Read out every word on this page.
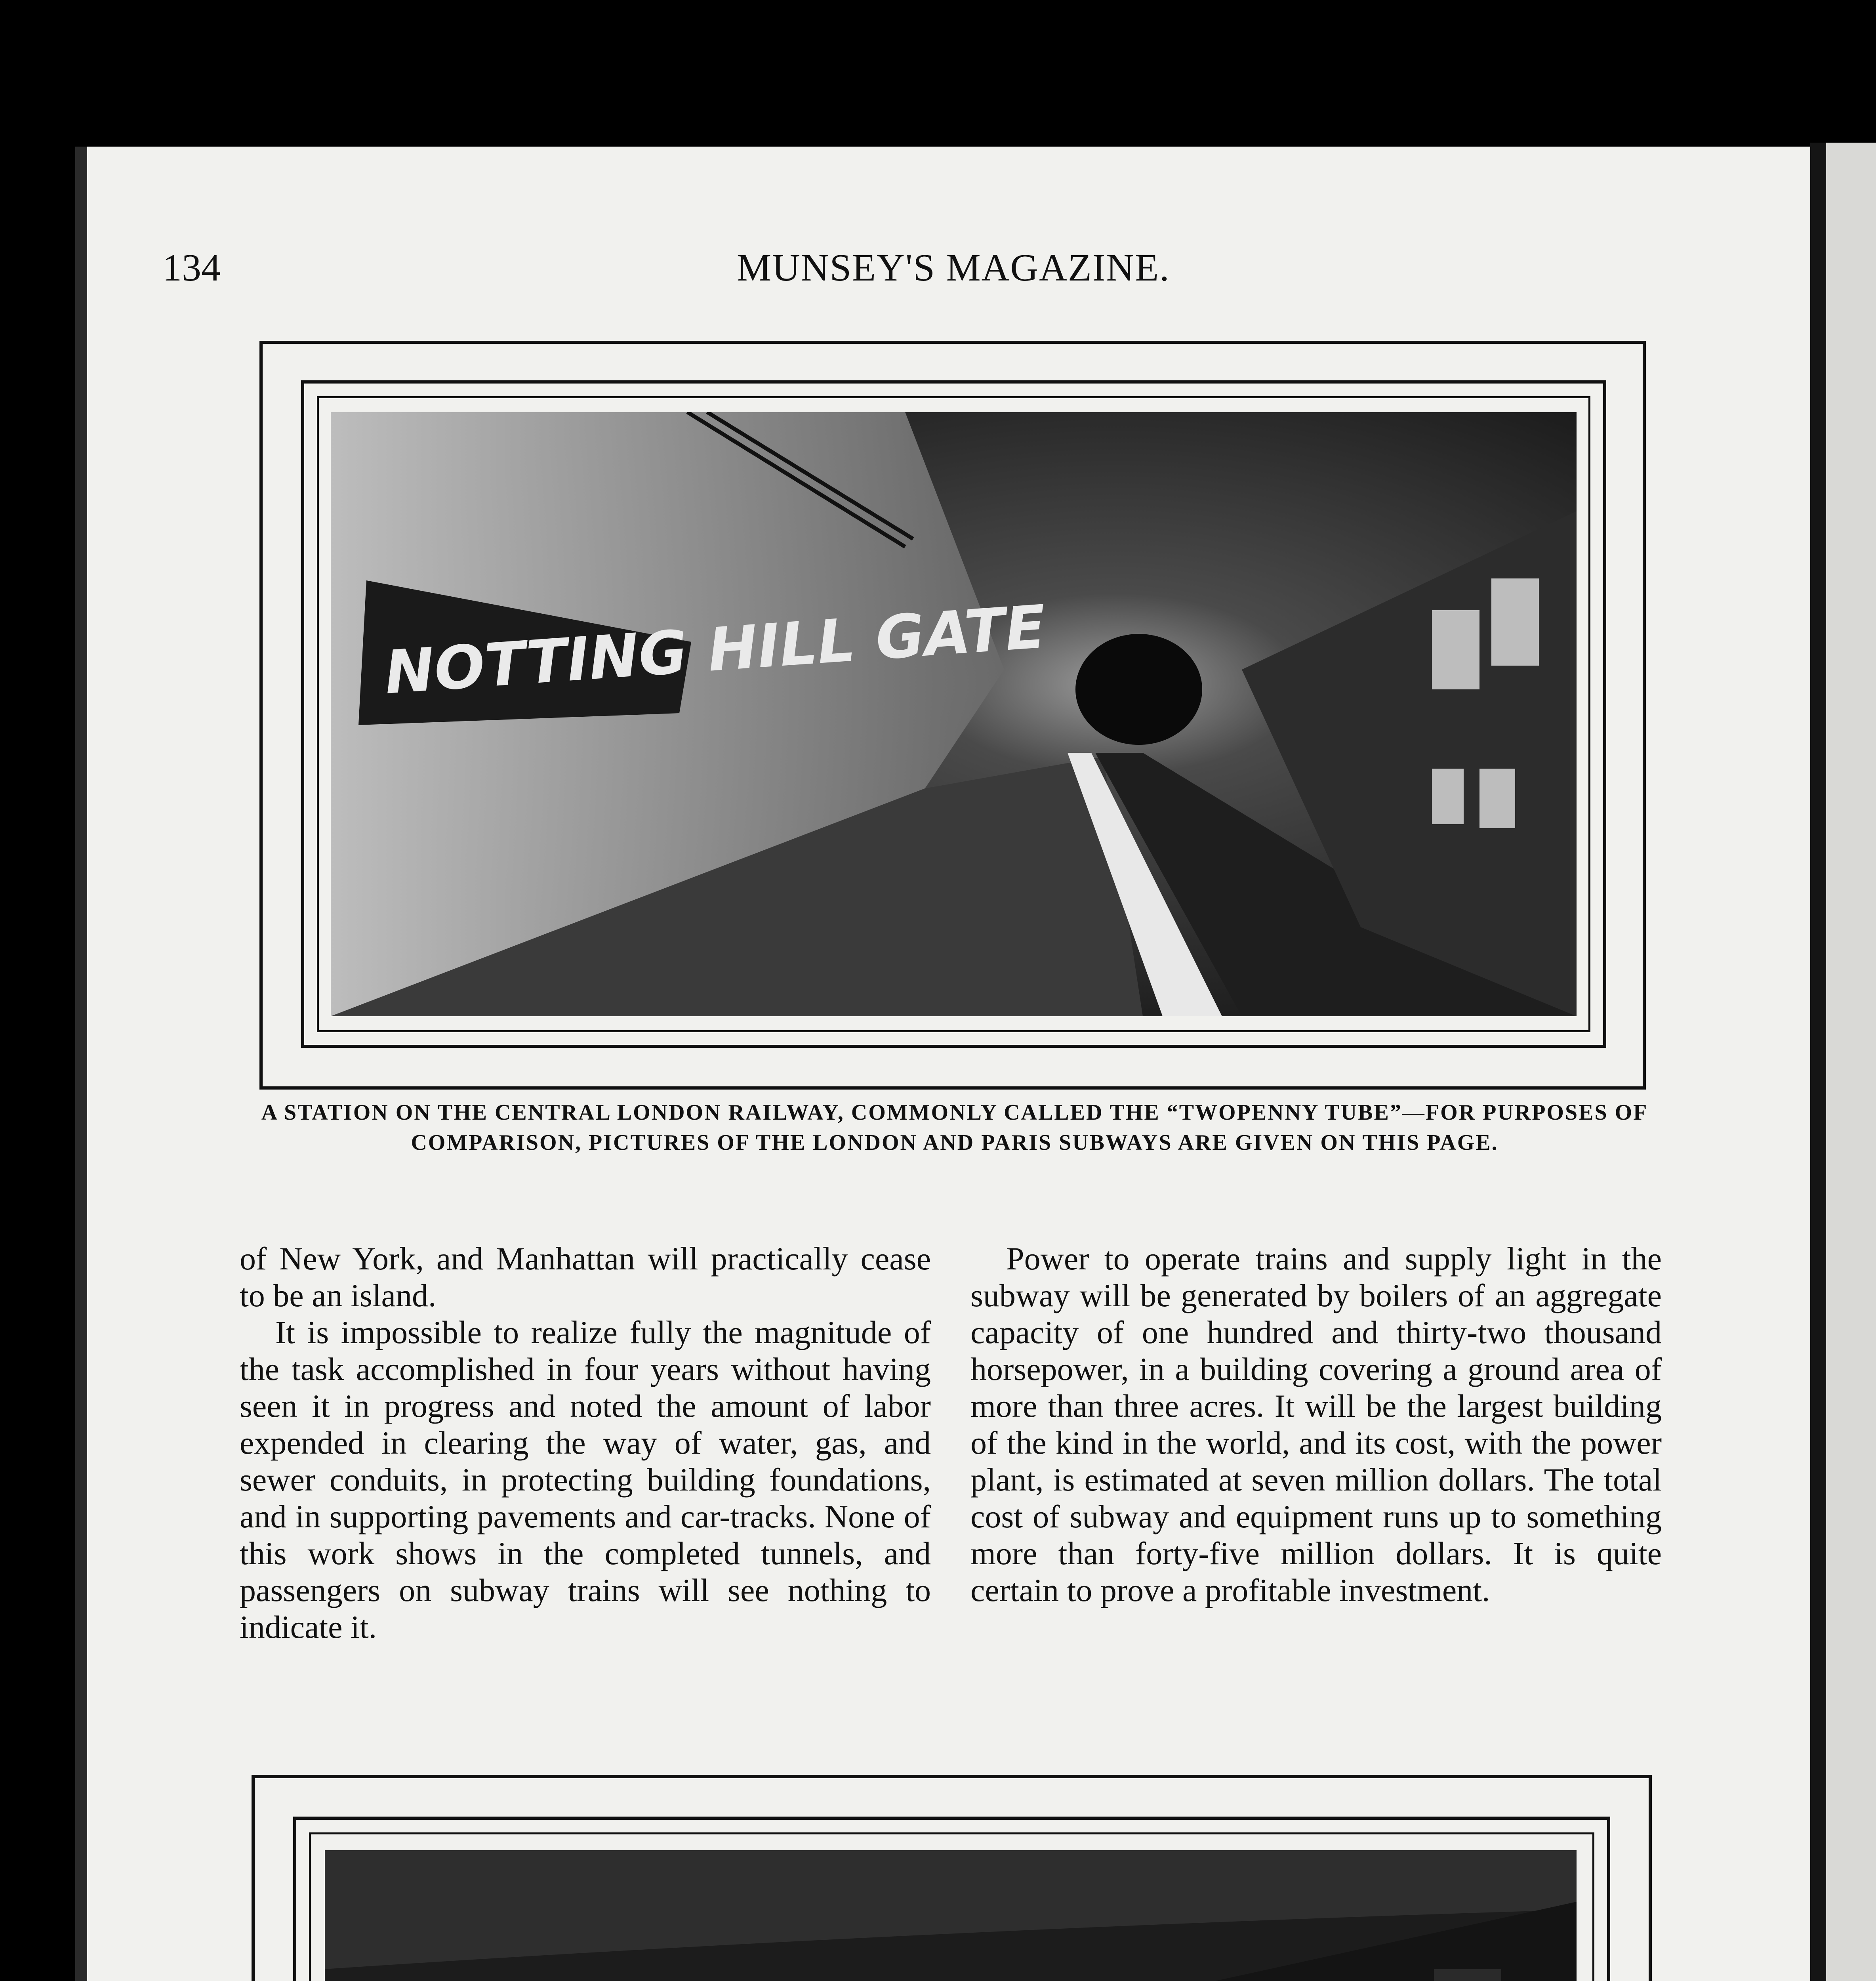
134	MUNSEY'S MAGAZINE.
NOTTING HILL GATE
A STATION ON THE CENTRAL LONDON RAILWAY, COMMONLY CALLED THE “TWOPENNY TUBE”—FOR PURPOSES OF COMPARISON, PICTURES OF THE LONDON AND PARIS SUBWAYS ARE GIVEN ON THIS PAGE.

of New York, and Manhattan will practically cease to be an island.

It is impossible to realize fully the magnitude of the task accomplished in four years without having seen it in progress and noted the amount of labor expended in clearing the way of water, gas, and sewer conduits, in protecting building foundations, and in supporting pavements and car-tracks. None of this work shows in the completed tunnels, and passengers on subway trains will see nothing to indicate it.

Power to operate trains and supply light in the subway will be generated by boilers of an aggregate capacity of one hundred and thirty-two thousand horsepower, in a building covering a ground area of more than three acres. It will be the largest building of the kind in the world, and its cost, with the power plant, is estimated at seven million dollars. The total cost of subway and equipment runs up to something more than forty-five million dollars. It is quite certain to prove a profitable investment.
